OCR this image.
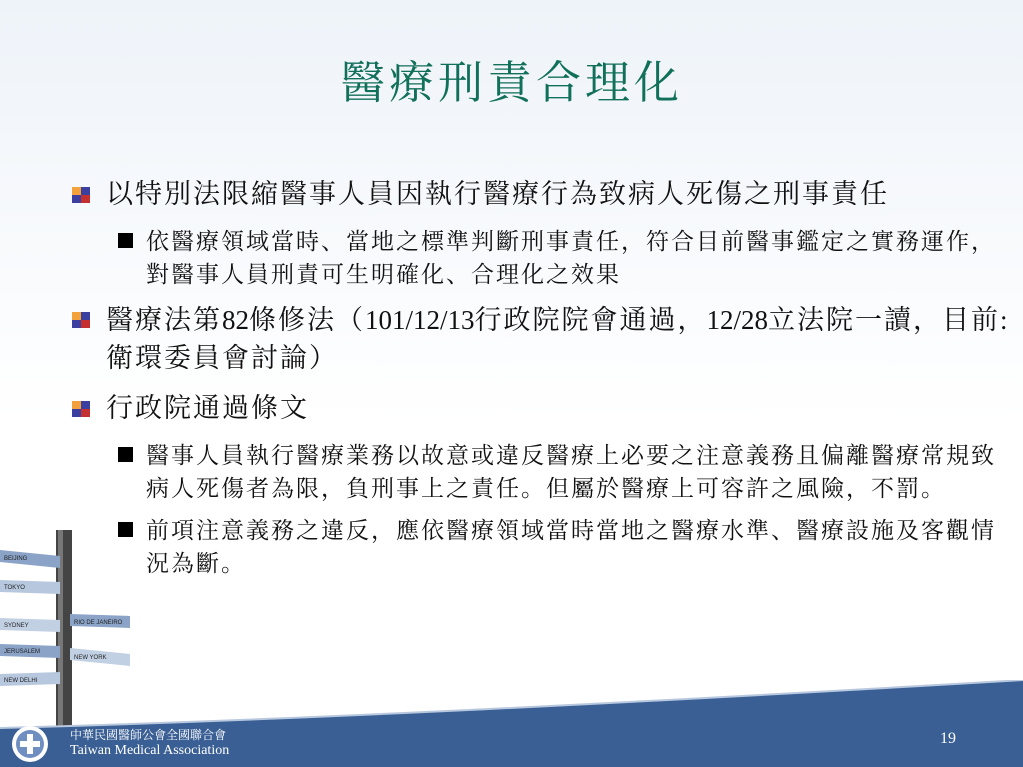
醫療刑責合理化
BEIJING
TOKYO
SYDNEY
JERUSALEM
NEW DELHI
RIO DE JANEIRO
NEW YORK
以特別法限縮醫事人員因執行醫療行為致病人死傷之刑事責任
依醫療領域當時、當地之標準判斷刑事責任，符合目前醫事鑑定之實務運作，對醫事人員刑責可生明確化、合理化之效果
醫療法第82條修法（101/12/13行政院院會通過，12/28立法院一讀，目前:衛環委員會討論）
行政院通過條文
醫事人員執行醫療業務以故意或違反醫療上必要之注意義務且偏離醫療常規致病人死傷者為限，負刑事上之責任。但屬於醫療上可容許之風險，不罰。
前項注意義務之違反，應依醫療領域當時當地之醫療水準、醫療設施及客觀情況為斷。
中華民國醫師公會全國聯合會
Taiwan Medical Association
19
